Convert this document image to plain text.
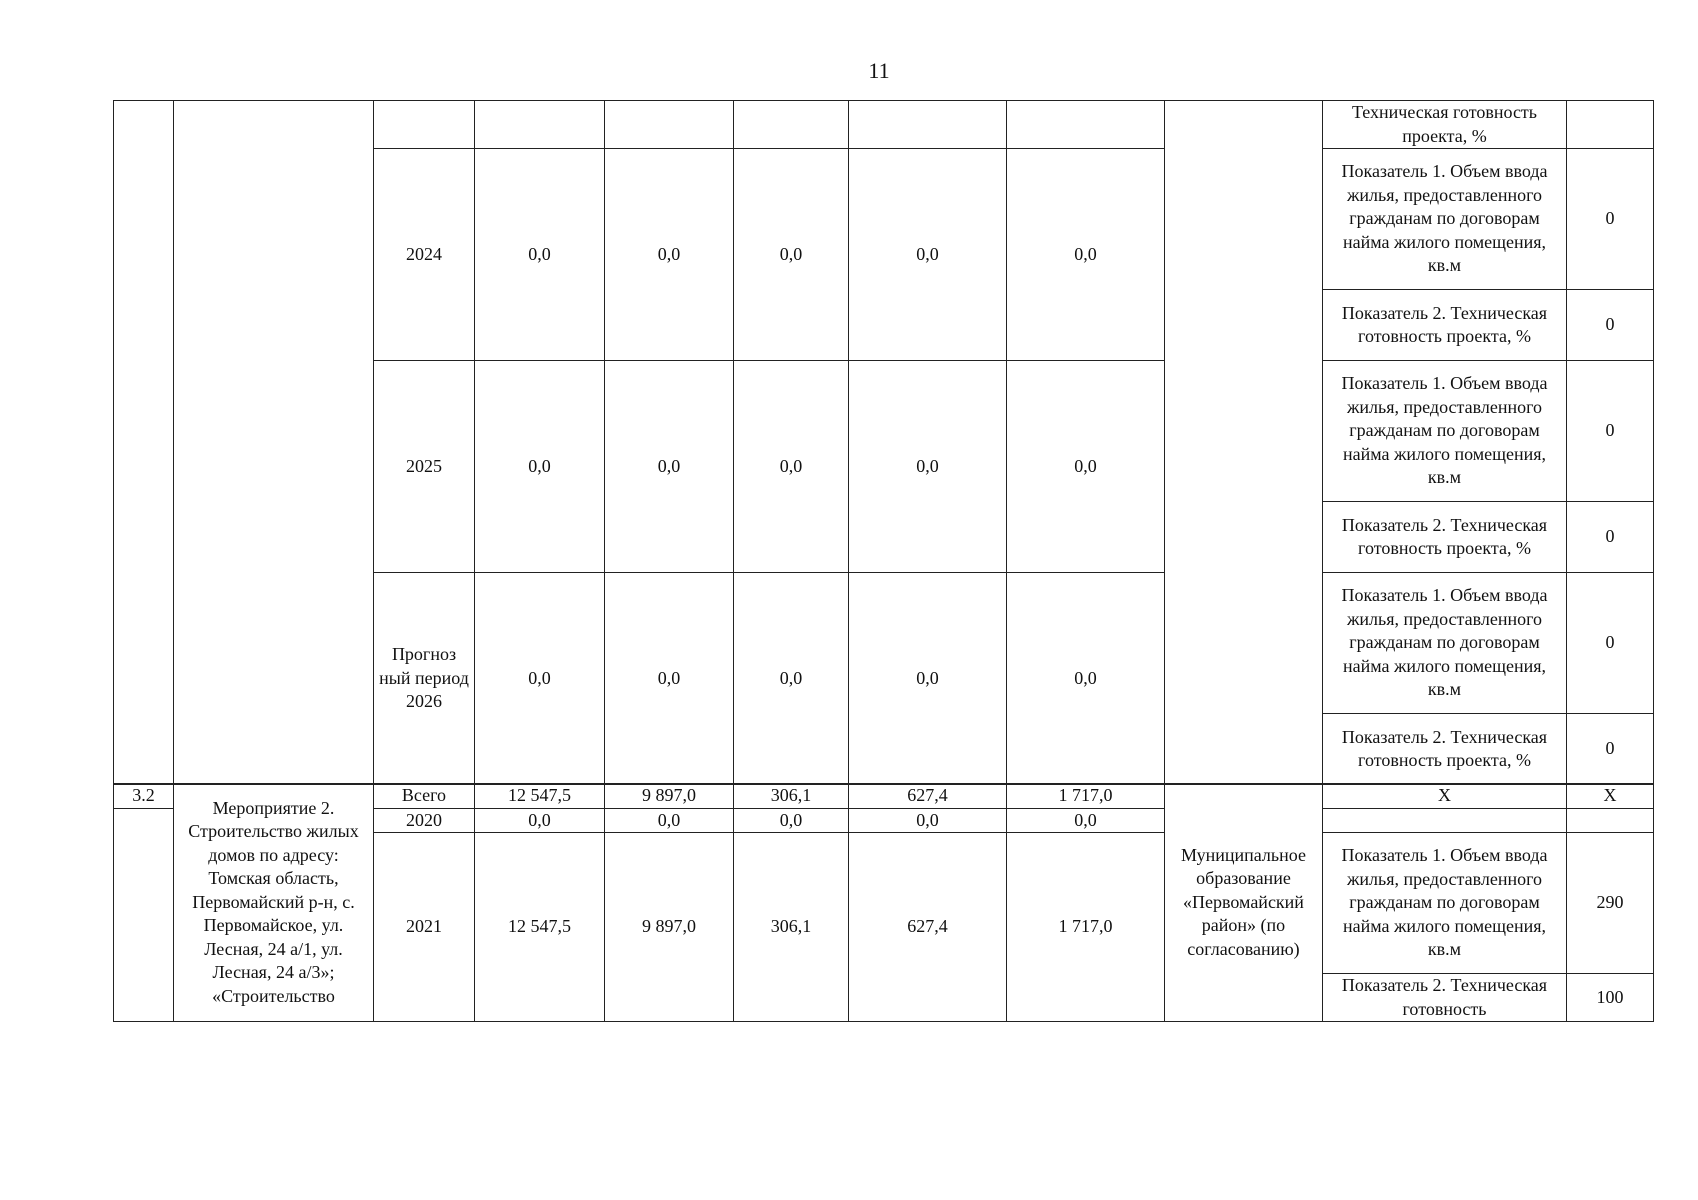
11
									Техническая готовность проекта, %	
		2024	0,0	0,0	0,0	0,0	0,0		Показатель 1. Объем ввода жилья, предоставленного гражданам по договорам найма жилого помещения, кв.м	0
									Показатель 2. Техническая готовность проекта, %	0
		2025	0,0	0,0	0,0	0,0	0,0		Показатель 1. Объем ввода жилья, предоставленного гражданам по договорам найма жилого помещения, кв.м	0
									Показатель 2. Техническая готовность проекта, %	0
		Прогноз ный период 2026	0,0	0,0	0,0	0,0	0,0		Показатель 1. Объем ввода жилья, предоставленного гражданам по договорам найма жилого помещения, кв.м	0
									Показатель 2. Техническая готовность проекта, %	0
3.2	Мероприятие 2. Строительство жилых домов по адресу: Томская область, Первомайский р-н, с. Первомайское, ул. Лесная, 24 а/1, ул. Лесная, 24 а/3»; «Строительство	Всего	12 547,5	9 897,0	306,1	627,4	1 717,0	Муниципальное образование «Первомайский район» (по согласованию)	X	X
		2020	0,0	0,0	0,0	0,0	0,0			
		2021	12 547,5	9 897,0	306,1	627,4	1 717,0		Показатель 1. Объем ввода жилья, предоставленного гражданам по договорам найма жилого помещения, кв.м	290
									Показатель 2. Техническая готовность	100
